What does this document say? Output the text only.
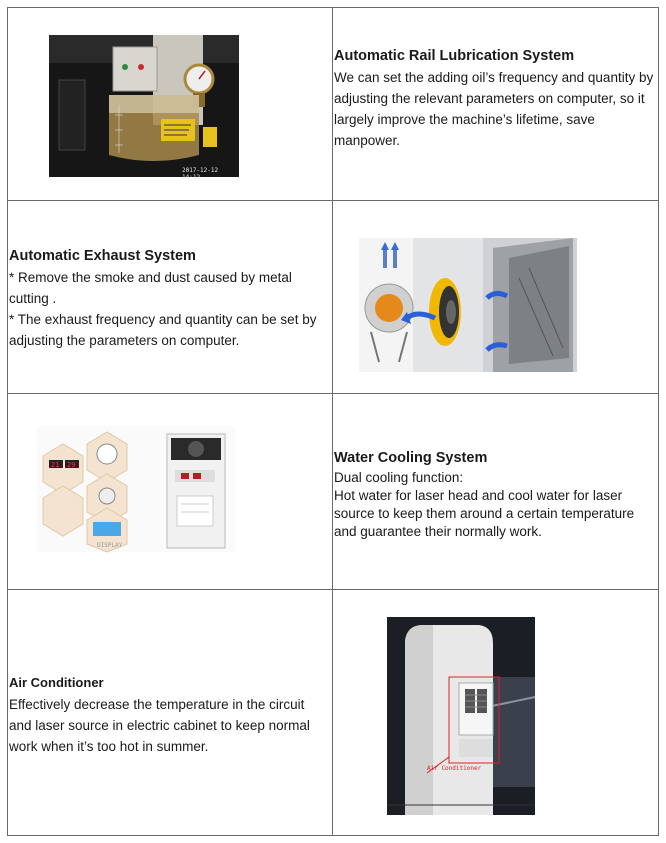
2017-12-12 14:12
Automatic Rail Lubrication System
We can set the adding oil’s frequency and quantity by
adjusting the relevant parameters on computer, so it
largely improve the machine’s lifetime, save
manpower.
Automatic Exhaust System
* Remove the smoke and dust caused by metal
cutting .
* The exhaust frequency and quantity can be set by
adjusting the parameters on computer.
21 29
DISPLAY
Water Cooling System
Dual cooling function:
Hot water for laser head and cool water for laser
source to keep them around a certain temperature
and guarantee their normally work.
Air Conditioner
Effectively decrease the temperature in the circuit
and laser source in electric cabinet to keep normal
work when it’s too hot in summer.
Air Conditioner
